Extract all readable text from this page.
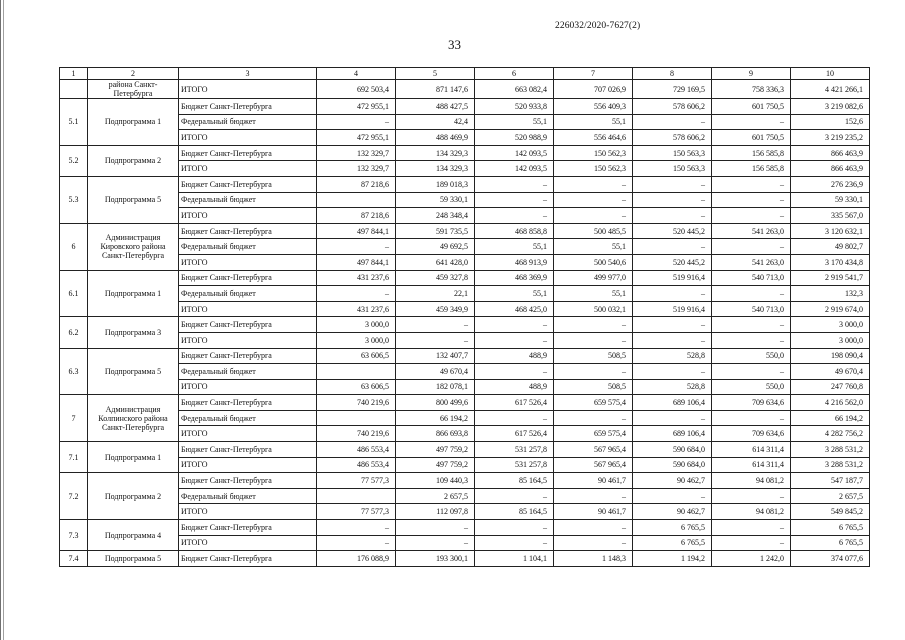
226032/2020-7627(2)
33
1	2	3	4	5	6	7	8	9	10
	района Санкт-Петербурга	ИТОГО	692 503,4	871 147,6	663 082,4	707 026,9	729 169,5	758 336,3	4 421 266,1
5.1	Подпрограмма 1	Бюджет Санкт-Петербурга	472 955,1	488 427,5	520 933,8	556 409,3	578 606,2	601 750,5	3 219 082,6
		Федеральный бюджет	–	42,4	55,1	55,1	–	–	152,6
		ИТОГО	472 955,1	488 469,9	520 988,9	556 464,6	578 606,2	601 750,5	3 219 235,2
5.2	Подпрограмма 2	Бюджет Санкт-Петербурга	132 329,7	134 329,3	142 093,5	150 562,3	150 563,3	156 585,8	866 463,9
		ИТОГО	132 329,7	134 329,3	142 093,5	150 562,3	150 563,3	156 585,8	866 463,9
5.3	Подпрограмма 5	Бюджет Санкт-Петербурга	87 218,6	189 018,3	–	–	–	–	276 236,9
		Федеральный бюджет		59 330,1	–	–	–	–	59 330,1
		ИТОГО	87 218,6	248 348,4	–	–	–	–	335 567,0
6	Администрация Кировского района Санкт-Петербурга	Бюджет Санкт-Петербурга	497 844,1	591 735,5	468 858,8	500 485,5	520 445,2	541 263,0	3 120 632,1
		Федеральный бюджет	–	49 692,5	55,1	55,1	–	–	49 802,7
		ИТОГО	497 844,1	641 428,0	468 913,9	500 540,6	520 445,2	541 263,0	3 170 434,8
6.1	Подпрограмма 1	Бюджет Санкт-Петербурга	431 237,6	459 327,8	468 369,9	499 977,0	519 916,4	540 713,0	2 919 541,7
		Федеральный бюджет	–	22,1	55,1	55,1	–	–	132,3
		ИТОГО	431 237,6	459 349,9	468 425,0	500 032,1	519 916,4	540 713,0	2 919 674,0
6.2	Подпрограмма 3	Бюджет Санкт-Петербурга	3 000,0	–	–	–	–	–	3 000,0
		ИТОГО	3 000,0	–	–	–	–	–	3 000,0
6.3	Подпрограмма 5	Бюджет Санкт-Петербурга	63 606,5	132 407,7	488,9	508,5	528,8	550,0	198 090,4
		Федеральный бюджет		49 670,4	–	–	–	–	49 670,4
		ИТОГО	63 606,5	182 078,1	488,9	508,5	528,8	550,0	247 760,8
7	Администрация Колпинского района Санкт-Петербурга	Бюджет Санкт-Петербурга	740 219,6	800 499,6	617 526,4	659 575,4	689 106,4	709 634,6	4 216 562,0
		Федеральный бюджет		66 194,2	–	–	–	–	66 194,2
		ИТОГО	740 219,6	866 693,8	617 526,4	659 575,4	689 106,4	709 634,6	4 282 756,2
7.1	Подпрограмма 1	Бюджет Санкт-Петербурга	486 553,4	497 759,2	531 257,8	567 965,4	590 684,0	614 311,4	3 288 531,2
		ИТОГО	486 553,4	497 759,2	531 257,8	567 965,4	590 684,0	614 311,4	3 288 531,2
7.2	Подпрограмма 2	Бюджет Санкт-Петербурга	77 577,3	109 440,3	85 164,5	90 461,7	90 462,7	94 081,2	547 187,7
		Федеральный бюджет		2 657,5	–	–	–	–	2 657,5
		ИТОГО	77 577,3	112 097,8	85 164,5	90 461,7	90 462,7	94 081,2	549 845,2
7.3	Подпрограмма 4	Бюджет Санкт-Петербурга	–	–	–	–	6 765,5	–	6 765,5
		ИТОГО	–	–	–	–	6 765,5	–	6 765,5
7.4	Подпрограмма 5	Бюджет Санкт-Петербурга	176 088,9	193 300,1	1 104,1	1 148,3	1 194,2	1 242,0	374 077,6
